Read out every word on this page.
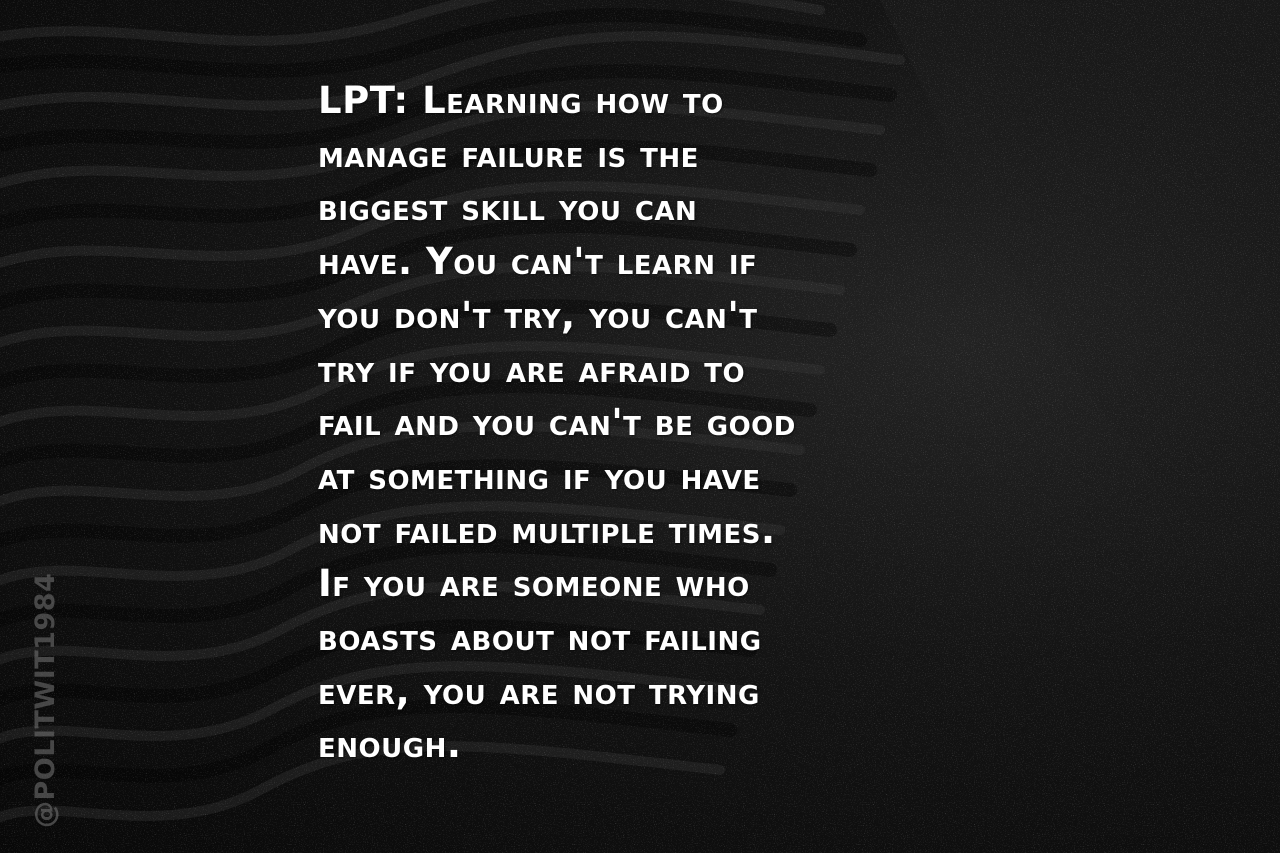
LPT: Learning how to
manage failure is the
biggest skill you can
have. You can't learn if
you don't try, you can't
try if you are afraid to
fail and you can't be good
at something if you have
not failed multiple times.
If you are someone who
boasts about not failing
ever, you are not trying
enough.
@POLITWIT1984
